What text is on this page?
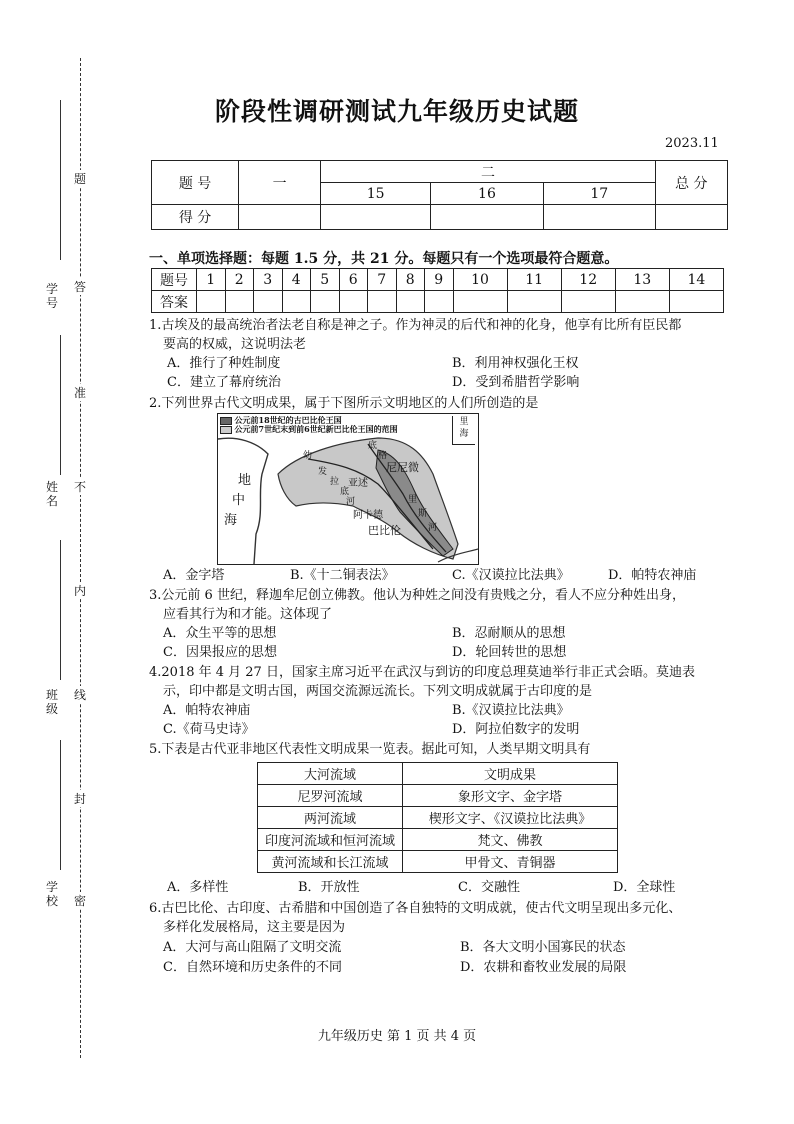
题
答
准
不
内
线
封
密
学号
姓名
班级
学校
阶段性调研测试九年级历史试题
2023.11
题 号	一	二			总 分
		15	16	17	
得 分					
一、单项选择题：每题 1.5 分，共 21 分。每题只有一个选项最符合题意。
题号	1	2	3	4	5	6	7	8	9	10	11	12	13	14
答案														
1.古埃及的最高统治者法老自称是神之子。作为神灵的后代和神的化身，他享有比所有臣民都
要高的权威，这说明法老
A．推行了种姓制度	B．利用神权强化王权
C．建立了幕府统治	D．受到希腊哲学影响
2.下列世界古代文明成果，属于下图所示文明地区的人们所创造的是
公元前18世纪的古巴比伦王国
公元前7世纪末到前6世纪新巴比伦王国的范围
里海
地
中
海
尼尼微
亚述
阿卡德
巴比伦
幼
发
拉
底
河
底
格
里
斯
河
A．金字塔	B.《十二铜表法》	C.《汉谟拉比法典》	D．帕特农神庙
3.公元前 6 世纪，释迦牟尼创立佛教。他认为种姓之间没有贵贱之分，看人不应分种姓出身，
应看其行为和才能。这体现了
A．众生平等的思想	B．忍耐顺从的思想
C．因果报应的思想	D．轮回转世的思想
4.2018 年 4 月 27 日，国家主席习近平在武汉与到访的印度总理莫迪举行非正式会晤。莫迪表
示，印中都是文明古国，两国交流源远流长。下列文明成就属于古印度的是
A．帕特农神庙	B.《汉谟拉比法典》
C.《荷马史诗》	D．阿拉伯数字的发明
5.下表是古代亚非地区代表性文明成果一览表。据此可知，人类早期文明具有
大河流域	文明成果
尼罗河流域	象形文字、金字塔
两河流域	楔形文字、《汉谟拉比法典》
印度河流域和恒河流域	梵文、佛教
黄河流域和长江流域	甲骨文、青铜器
A．多样性	B．开放性	C．交融性	D．全球性
6.古巴比伦、古印度、古希腊和中国创造了各自独特的文明成就，使古代文明呈现出多元化、
多样化发展格局，这主要是因为
A．大河与高山阻隔了文明交流	B．各大文明小国寡民的状态
C．自然环境和历史条件的不同	D．农耕和畜牧业发展的局限
九年级历史 第 1 页 共 4 页
